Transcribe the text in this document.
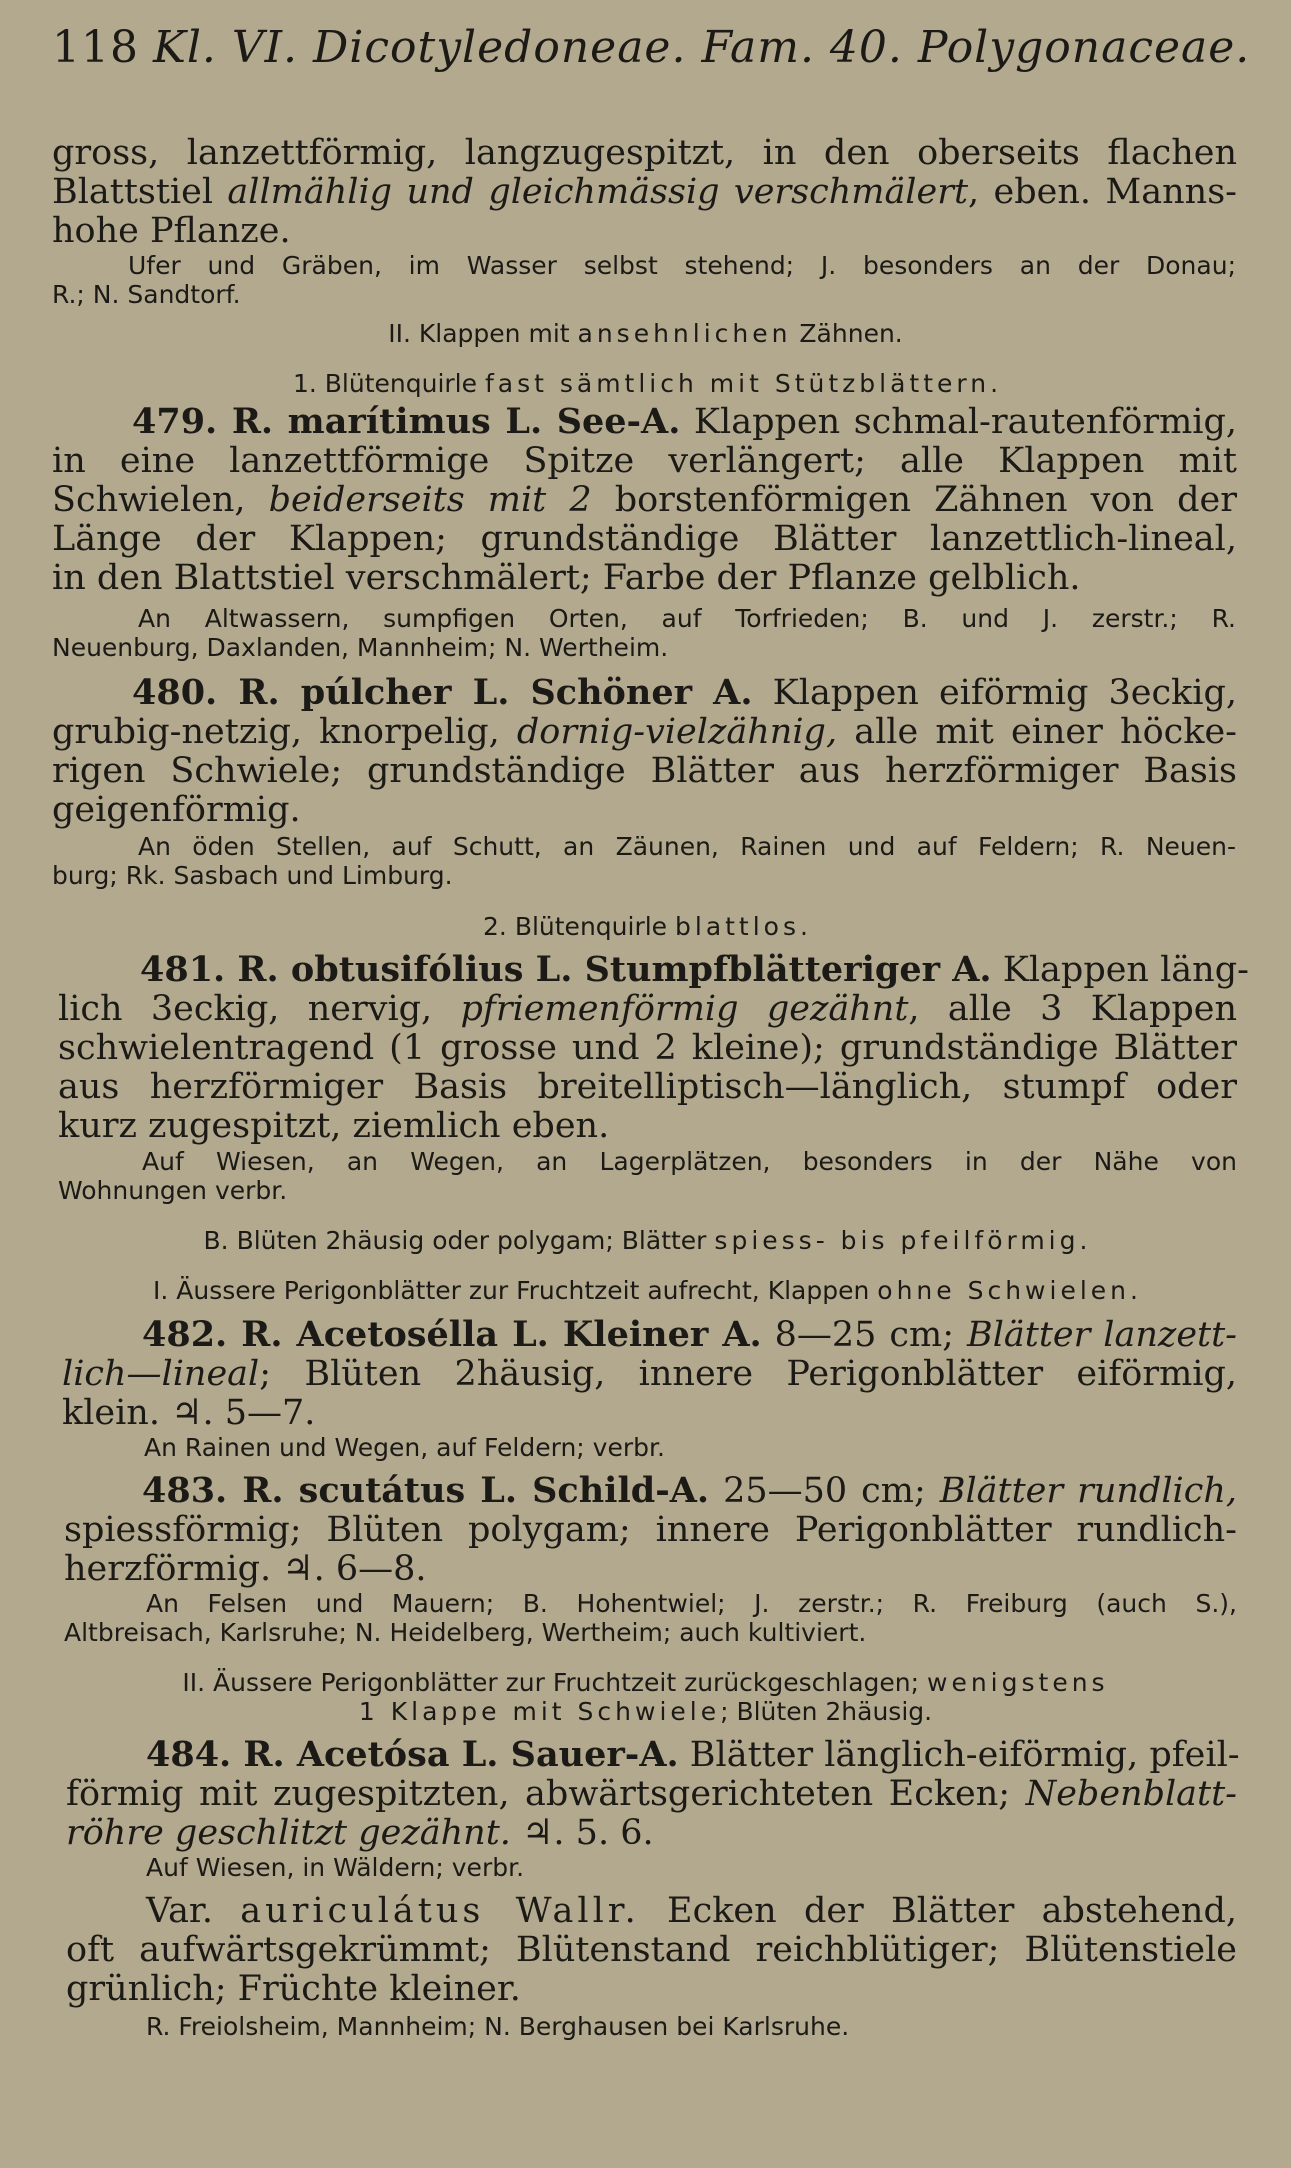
118 Kl. VI. Dicotyledoneae. Fam. 40. Polygonaceae.
gross, lanzettförmig, langzugespitzt, in den oberseits flachen
Blattstiel allmählig und gleichmässig verschmälert, eben. Manns-
hohe Pflanze.
Ufer und Gräben, im Wasser selbst stehend; J. besonders an der Donau;
R.; N. Sandtorf.
II. Klappen mit ansehnlichen Zähnen.
1. Blütenquirle fast sämtlich mit Stützblättern.
479. R. marítimus L. See-A. Klappen schmal-rautenförmig,
in eine lanzettförmige Spitze verlängert; alle Klappen mit
Schwielen, beiderseits mit 2 borstenförmigen Zähnen von der
Länge der Klappen; grundständige Blätter lanzettlich-lineal,
in den Blattstiel verschmälert; Farbe der Pflanze gelblich.
An Altwassern, sumpfigen Orten, auf Torfrieden; B. und J. zerstr.; R.
Neuenburg, Daxlanden, Mannheim; N. Wertheim.
480. R. púlcher L. Schöner A. Klappen eiförmig 3eckig,
grubig-netzig, knorpelig, dornig-vielzähnig, alle mit einer höcke-
rigen Schwiele; grundständige Blätter aus herzförmiger Basis
geigenförmig.
An öden Stellen, auf Schutt, an Zäunen, Rainen und auf Feldern; R. Neuen-
burg; Rk. Sasbach und Limburg.
2. Blütenquirle blattlos.
481. R. obtusifólius L. Stumpfblätteriger A. Klappen läng-
lich 3eckig, nervig, pfriemenförmig gezähnt, alle 3 Klappen
schwielentragend (1 grosse und 2 kleine); grundständige Blätter
aus herzförmiger Basis breitelliptisch—länglich, stumpf oder
kurz zugespitzt, ziemlich eben.
Auf Wiesen, an Wegen, an Lagerplätzen, besonders in der Nähe von
Wohnungen verbr.
B. Blüten 2häusig oder polygam; Blätter spiess- bis pfeilförmig.
I. Äussere Perigonblätter zur Fruchtzeit aufrecht, Klappen ohne Schwielen.
482. R. Acetosélla L. Kleiner A. 8—25 cm; Blätter lanzett-
lich—lineal; Blüten 2häusig, innere Perigonblätter eiförmig,
klein. ♃. 5—7.
An Rainen und Wegen, auf Feldern; verbr.
483. R. scutátus L. Schild-A. 25—50 cm; Blätter rundlich,
spiessförmig; Blüten polygam; innere Perigonblätter rundlich-
herzförmig. ♃. 6—8.
An Felsen und Mauern; B. Hohentwiel; J. zerstr.; R. Freiburg (auch S.),
Altbreisach, Karlsruhe; N. Heidelberg, Wertheim; auch kultiviert.
II. Äussere Perigonblätter zur Fruchtzeit zurückgeschlagen; wenigstens
1 Klappe mit Schwiele; Blüten 2häusig.
484. R. Acetósa L. Sauer-A. Blätter länglich-eiförmig, pfeil-
förmig mit zugespitzten, abwärtsgerichteten Ecken; Nebenblatt-
röhre geschlitzt gezähnt. ♃. 5. 6.
Auf Wiesen, in Wäldern; verbr.
Var. auriculátus Wallr. Ecken der Blätter abstehend,
oft aufwärtsgekrümmt; Blütenstand reichblütiger; Blütenstiele
grünlich; Früchte kleiner.
R. Freiolsheim, Mannheim; N. Berghausen bei Karlsruhe.
